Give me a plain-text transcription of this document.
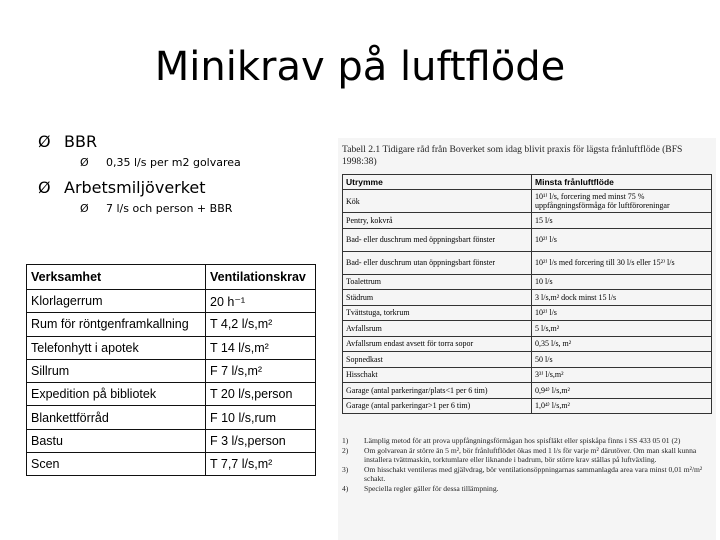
Minikrav på luftflöde
Ø BBR
Ø 0,35 l/s per m2 golvarea
Ø Arbetsmiljöverket
Ø 7 l/s och person + BBR
Verksamhet	Ventilationskrav
Klorlagerrum	20 h⁻¹
Rum för röntgenframkallning	T 4,2 l/s,m²
Telefonhytt i apotek	T 14 l/s,m²
Sillrum	F 7 l/s,m²
Expedition på bibliotek	T 20 l/s,person
Blankettförråd	F 10 l/s,rum
Bastu	F 3 l/s,person
Scen	T 7,7 l/s,m²
Tabell 2.1 Tidigare råd från Boverket som idag blivit praxis för lägsta frånluftflöde (BFS 1998:38)
Utrymme	Minsta frånluftflöde
Kök	10¹⁾ l/s, forcering med minst 75 % uppfångningsförmåga för luftföroreningar
Pentry, kokvrå	15 l/s
Bad- eller duschrum med öppningsbart fönster	10²⁾ l/s
Bad- eller duschrum utan öppningsbart fönster	10²⁾ l/s med forcering till 30 l/s eller 15²⁾ l/s
Toalettrum	10 l/s
Städrum	3 l/s,m² dock minst 15 l/s
Tvättstuga, torkrum	10²⁾ l/s
Avfallsrum	5 l/s,m²
Avfallsrum endast avsett för torra sopor	0,35 l/s, m²
Sopnedkast	50 l/s
Hisschakt	3³⁾ l/s,m²
Garage (antal parkeringar/plats<1 per 6 tim)	0,9⁴⁾ l/s,m²
Garage (antal parkeringar>1 per 6 tim)	1,0⁴⁾ l/s,m²
1)	Lämplig metod för att prova uppfångningsförmågan hos spisfläkt eller spiskåpa finns i SS 433 05 01 (2)
2)	Om golvarean är större än 5 m², bör frånluftflödet ökas med 1 l/s för varje m² därutöver. Om man skall kunna installera tvättmaskin, torktumlare eller liknande i badrum, bör större krav ställas på luftväxling.
3)	Om hisschakt ventileras med gjälvdrag, bör ventilationsöppningarnas sammanlagda area vara minst 0,01 m²/m² schakt.
4)	Speciella regler gäller för dessa tillämpning.
